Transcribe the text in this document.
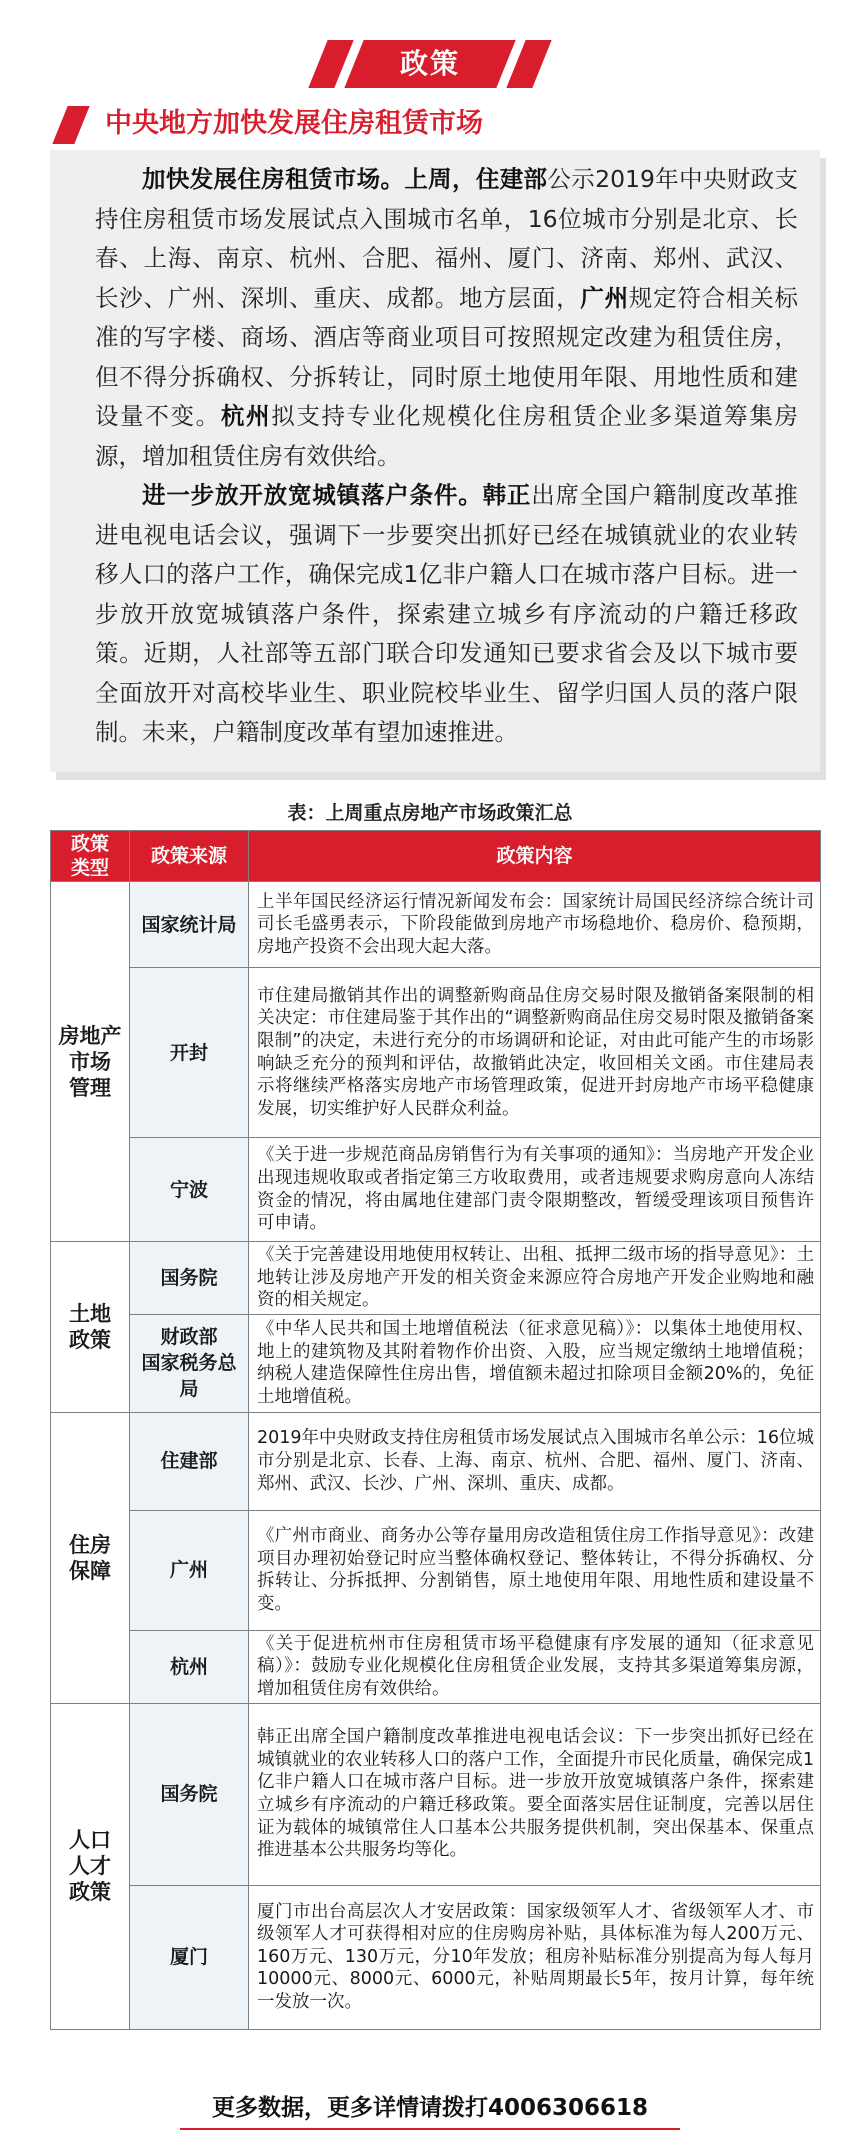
政策
中央地方加快发展住房租赁市场

加快发展住房租赁市场。上周，住建部公示2019年中央财政支持住房租赁市场发展试点入围城市名单，16位城市分别是北京、长春、上海、南京、杭州、合肥、福州、厦门、济南、郑州、武汉、长沙、广州、深圳、重庆、成都。地方层面，广州规定符合相关标准的写字楼、商场、酒店等商业项目可按照规定改建为租赁住房，但不得分拆确权、分拆转让，同时原土地使用年限、用地性质和建设量不变。杭州拟支持专业化规模化住房租赁企业多渠道筹集房源，增加租赁住房有效供给。

进一步放开放宽城镇落户条件。韩正出席全国户籍制度改革推进电视电话会议，强调下一步要突出抓好已经在城镇就业的农业转移人口的落户工作，确保完成1亿非户籍人口在城市落户目标。进一步放开放宽城镇落户条件，探索建立城乡有序流动的户籍迁移政策。近期，人社部等五部门联合印发通知已要求省会及以下城市要全面放开对高校毕业生、职业院校毕业生、留学归国人员的落户限制。未来，户籍制度改革有望加速推进。

表：上周重点房地产市场政策汇总
政策
类型	政策来源	政策内容
房地产
市场
管理	国家统计局	上半年国民经济运行情况新闻发布会：国家统计局国民经济综合统计司司长毛盛勇表示，下阶段能做到房地产市场稳地价、稳房价、稳预期，房地产投资不会出现大起大落。
	开封	市住建局撤销其作出的调整新购商品住房交易时限及撤销备案限制的相关决定：市住建局鉴于其作出的“调整新购商品住房交易时限及撤销备案限制”的决定，未进行充分的市场调研和论证，对由此可能产生的市场影响缺乏充分的预判和评估，故撤销此决定，收回相关文函。市住建局表示将继续严格落实房地产市场管理政策，促进开封房地产市场平稳健康发展，切实维护好人民群众利益。
	宁波	《关于进一步规范商品房销售行为有关事项的通知》：当房地产开发企业出现违规收取或者指定第三方收取费用，或者违规要求购房意向人冻结资金的情况，将由属地住建部门责令限期整改，暂缓受理该项目预售许可申请。
土地
政策	国务院	《关于完善建设用地使用权转让、出租、抵押二级市场的指导意见》：土地转让涉及房地产开发的相关资金来源应符合房地产开发企业购地和融资的相关规定。
	财政部
国家税务总
局	《中华人民共和国土地增值税法（征求意见稿）》：以集体土地使用权、地上的建筑物及其附着物作价出资、入股，应当规定缴纳土地增值税；纳税人建造保障性住房出售，增值额未超过扣除项目金额20%的，免征土地增值税。
住房
保障	住建部	2019年中央财政支持住房租赁市场发展试点入围城市名单公示：16位城市分别是北京、长春、上海、南京、杭州、合肥、福州、厦门、济南、郑州、武汉、长沙、广州、深圳、重庆、成都。
	广州	《广州市商业、商务办公等存量用房改造租赁住房工作指导意见》：改建项目办理初始登记时应当整体确权登记、整体转让，不得分拆确权、分拆转让、分拆抵押、分割销售，原土地使用年限、用地性质和建设量不变。
	杭州	《关于促进杭州市住房租赁市场平稳健康有序发展的通知（征求意见稿）》：鼓励专业化规模化住房租赁企业发展，支持其多渠道筹集房源，增加租赁住房有效供给。
人口
人才
政策	国务院	韩正出席全国户籍制度改革推进电视电话会议：下一步突出抓好已经在城镇就业的农业转移人口的落户工作，全面提升市民化质量，确保完成1亿非户籍人口在城市落户目标。进一步放开放宽城镇落户条件，探索建立城乡有序流动的户籍迁移政策。要全面落实居住证制度，完善以居住证为载体的城镇常住人口基本公共服务提供机制，突出保基本、保重点推进基本公共服务均等化。
	厦门	厦门市出台高层次人才安居政策：国家级领军人才、省级领军人才、市级领军人才可获得相对应的住房购房补贴，具体标准为每人200万元、160万元、130万元，分10年发放；租房补贴标准分别提高为每人每月10000元、8000元、6000元，补贴周期最长5年，按月计算，每年统一发放一次。
更多数据，更多详情请拨打4006306618
